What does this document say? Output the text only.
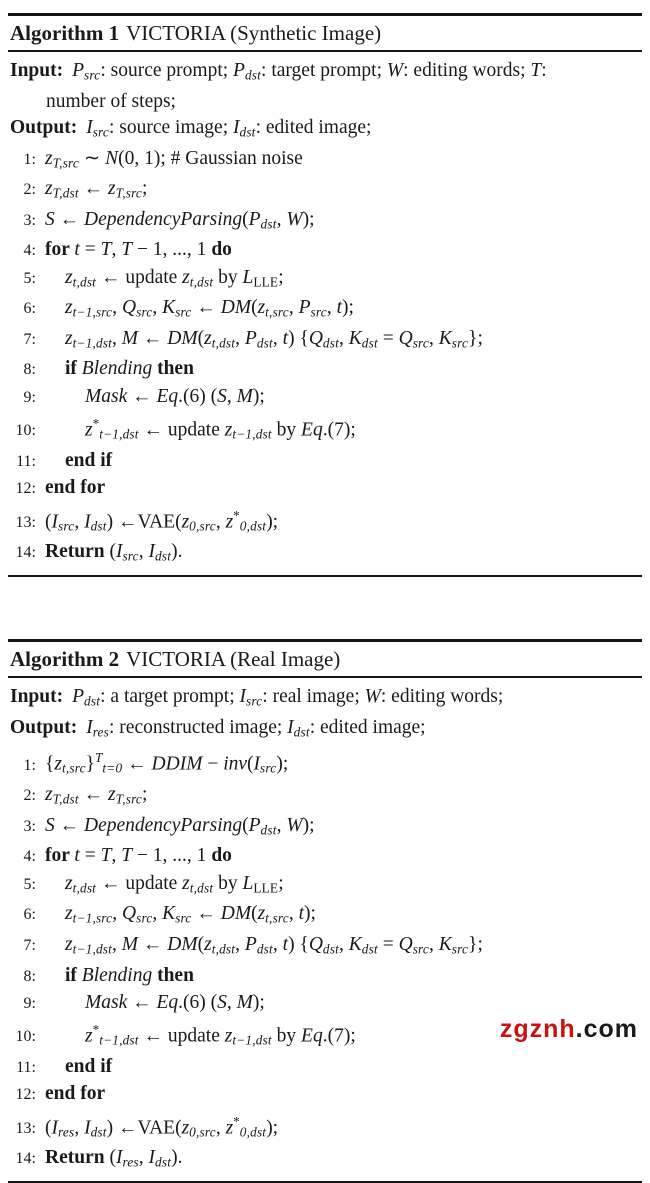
Algorithm 1 VICTORIA (Synthetic Image)
Input: Psrc: source prompt; Pdst: target prompt; W: editing words; T:
number of steps;
Output: Isrc: source image; Idst: edited image;
1: zT,src ∼ N(0, 1); # Gaussian noise
2: zT,dst ← zT,src;
3: S ← DependencyParsing(Pdst, W);
4: for t = T, T − 1, ..., 1 do
5:	zt,dst ← update zt,dst by LLLE;
6:	zt−1,src, Qsrc, Ksrc ← DM(zt,src, Psrc, t);
7:	zt−1,dst, M ← DM(zt,dst, Pdst, t) {Qdst, Kdst = Qsrc, Ksrc};
8:	if Blending then
9:	Mask ← Eq.(6) (S, M);
10:	z*t−1,dst ← update zt−1,dst by Eq.(7);
11:	end if
12: end for
13: (Isrc, Idst) ←VAE(z0,src, z*0,dst);
14: Return (Isrc, Idst).
Algorithm 2 VICTORIA (Real Image)
Input: Pdst: a target prompt; Isrc: real image; W: editing words;
Output: Ires: reconstructed image; Idst: edited image;
1: $\{zt,src\}^Tt=0$ ← DDIM − inv(Isrc);
2: zT,dst ← zT,src;
3: S ← DependencyParsing(Pdst, W);
4: for t = T, T − 1, ..., 1 do
5:	zt,dst ← update zt,dst by LLLE;
6:	zt−1,src, Qsrc, Ksrc ← DM(zt,src, t);
7:	zt−1,dst, M ← DM(zt,dst, Pdst, t) {Qdst, Kdst = Qsrc, Ksrc};
8:	if Blending then
9:	Mask ← Eq.(6) (S, M);
10:	z*t−1,dst ← update zt−1,dst by Eq.(7);
11:	end if
12: end for
13: (Ires, Idst) ←VAE(z0,src, z*0,dst);
14: Return (Ires, Idst).
zgznh.com
